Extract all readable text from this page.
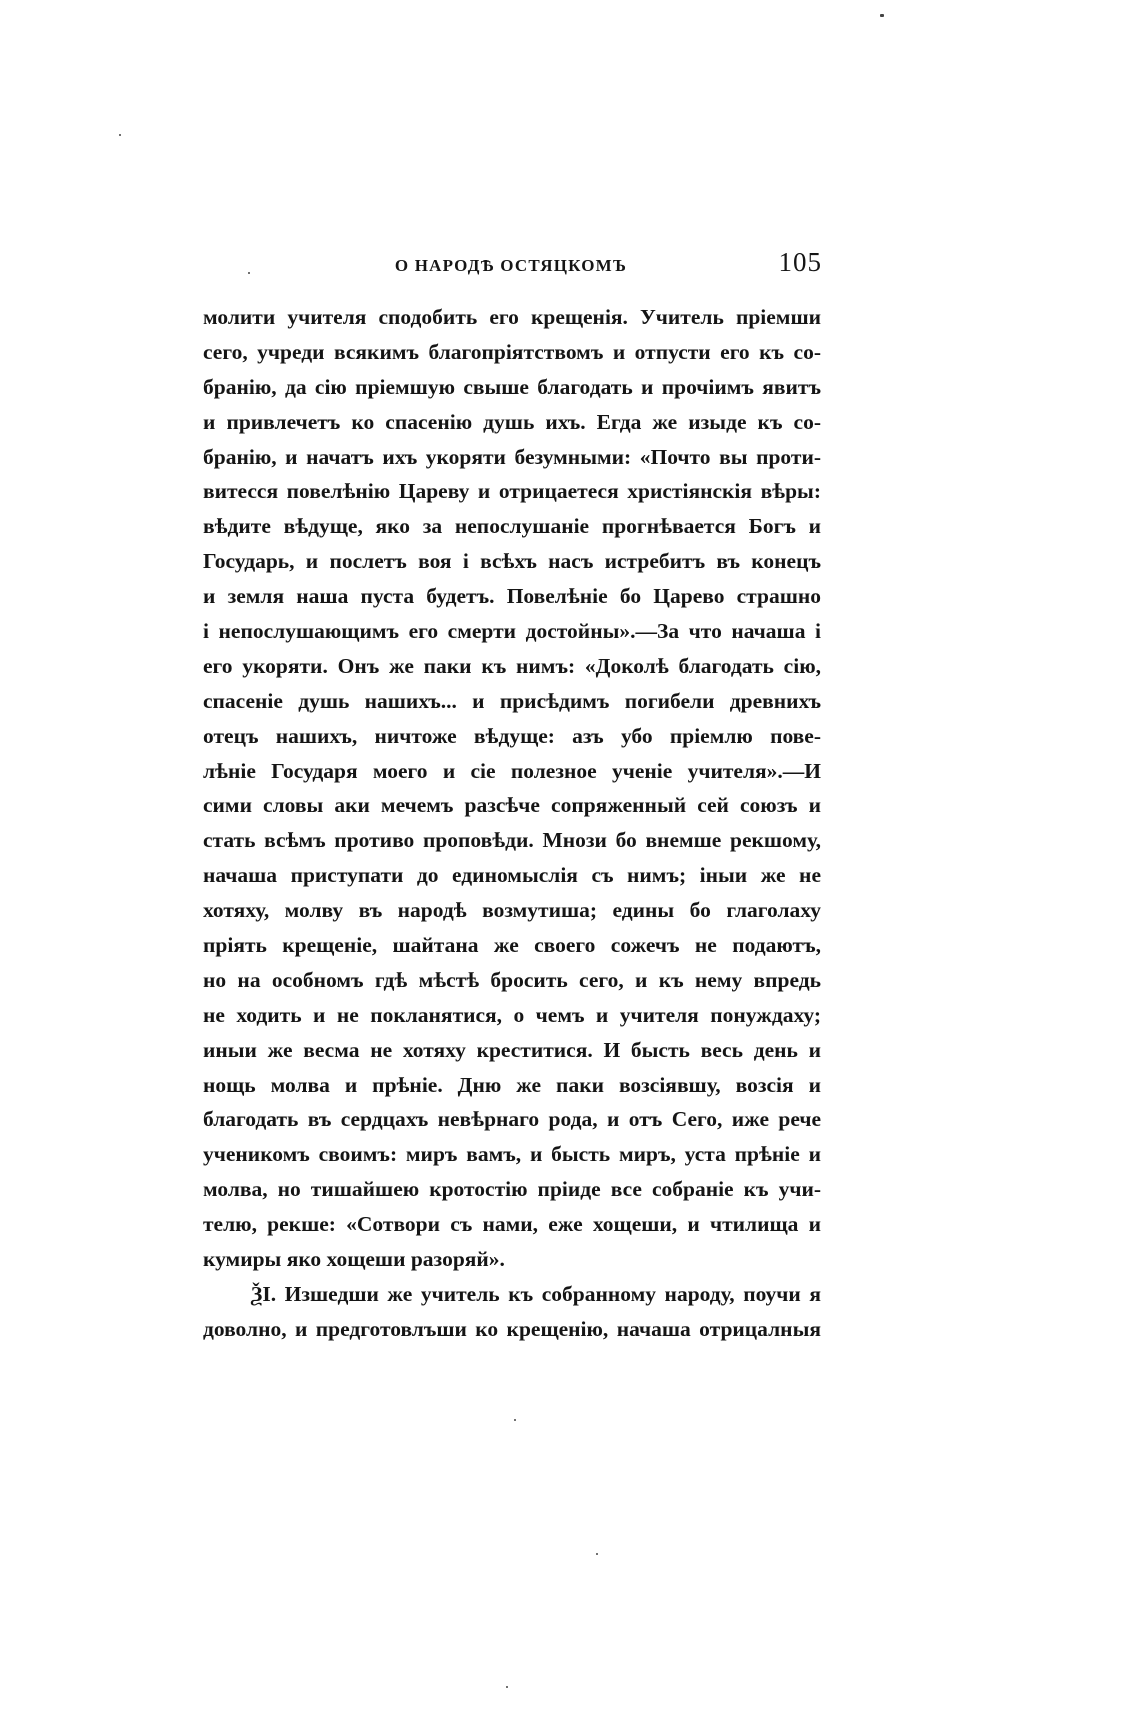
О НАРОДѢ ОСТЯЦКОМЪ	105
молити учителя сподобить его крещенія. Учитель пріемши
сего, учреди всякимъ благопріятствомъ и отпусти его къ со-
бранію, да сію пріемшую свыше благодать и прочіимъ явитъ
и привлечетъ ко спасенію душь ихъ. Егда же изыде къ со-
бранію, и начатъ ихъ укоряти безумными: «Почто вы проти-
витесся повелѣнію Цареву и отрицаетеся христіянскія вѣры:
вѣдите вѣдуще, яко за непослушаніе прогнѣвается Богъ и
Государь, и послетъ воя і всѣхъ насъ истребитъ въ конецъ
и земля наша пуста будетъ. Повелѣніе бо Царево страшно
і непослушающимъ его смерти достойны».—За что начаша і
его укоряти. Онъ же паки къ нимъ: «Доколѣ благодать сію,
спасеніе душь нашихъ... и присѣдимъ погибели древнихъ
отецъ нашихъ, ничтоже вѣдуще: азъ убо пріемлю пове-
лѣніе Государя моего и сіе полезное ученіе учителя».—И
сими словы аки мечемъ разсѣче сопряженный сей союзъ и
стать всѣмъ противо проповѣди. Мнози бо внемше рекшому,
начаша приступати до единомыслія съ нимъ; іныи же не
хотяху, молву въ народѣ возмутиша; едины бо глаголаху
пріять крещеніе, шайтана же своего сожечъ не подаютъ,
но на особномъ гдѣ мѣстѣ бросить сего, и къ нему впредь
не ходить и не покланятися, о чемъ и учителя понуждаху;
иныи же весма не хотяху креститися. И бысть весь день и
нощь молва и прѣніе. Дню же паки возсіявшу, возсія и
благодать въ сердцахъ невѣрнаго рода, и отъ Сего, иже рече
ученикомъ своимъ: миръ вамъ, и бысть миръ, уста прѣніе и
молва, но тишайшею кротостію пріиде все собраніе къ учи-
телю, рекше: «Сотвори съ нами, еже хощеши, и чтилища и
кумиры яко хощеши разоряй».
ѮІ. Изшедши же учитель къ собранному народу, поучи я
доволно, и предготовлъши ко крещенію, начаша отрицалныя
